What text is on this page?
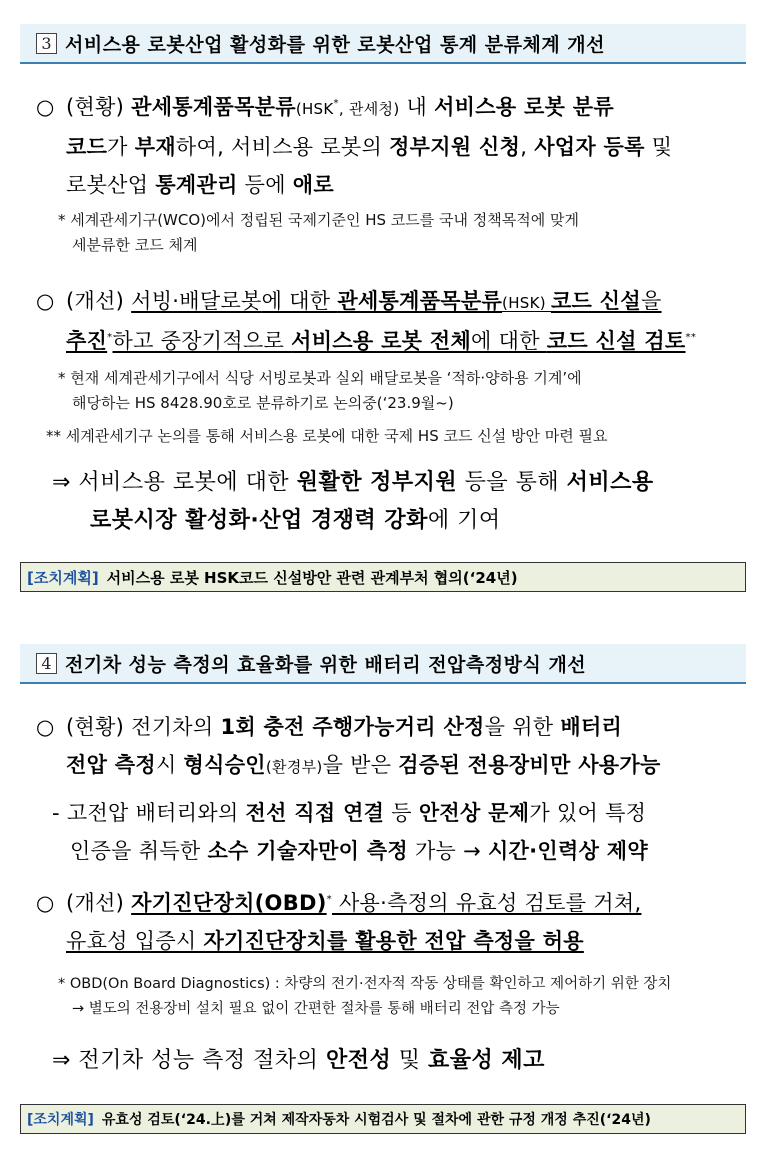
3 서비스용 로봇산업 활성화를 위한 로봇산업 통계 분류체계 개선
○ (현황) 관세통계품목분류(HSK*, 관세청) 내 서비스용 로봇 분류
코드가 부재하여, 서비스용 로봇의 정부지원 신청, 사업자 등록 및
로봇산업 통계관리 등에 애로
* 세계관세기구(WCO)에서 정립된 국제기준인 HS 코드를 국내 정책목적에 맞게
세분류한 코드 체계
○ (개선) 서빙·배달로봇에 대한 관세통계품목분류(HSK) 코드 신설을
추진*하고 중장기적으로 서비스용 로봇 전체에 대한 코드 신설 검토**
* 현재 세계관세기구에서 식당 서빙로봇과 실외 배달로봇을 ‘적하·양하용 기계’에
해당하는 HS 8428.90호로 분류하기로 논의중(‘23.9월~)
** 세계관세기구 논의를 통해 서비스용 로봇에 대한 국제 HS 코드 신설 방안 마련 필요
⇒ 서비스용 로봇에 대한 원활한 정부지원 등을 통해 서비스용
로봇시장 활성화·산업 경쟁력 강화에 기여
[조치계획] 서비스용 로봇 HSK코드 신설방안 관련 관계부처 협의(‘24년)
4 전기차 성능 측정의 효율화를 위한 배터리 전압측정방식 개선
○ (현황) 전기차의 1회 충전 주행가능거리 산정을 위한 배터리
전압 측정시 형식승인(환경부)을 받은 검증된 전용장비만 사용가능
- 고전압 배터리와의 전선 직접 연결 등 안전상 문제가 있어 특정
인증을 취득한 소수 기술자만이 측정 가능 → 시간·인력상 제약
○ (개선) 자기진단장치(OBD)* 사용·측정의 유효성 검토를 거쳐,
유효성 입증시 자기진단장치를 활용한 전압 측정을 허용
* OBD(On Board Diagnostics) : 차량의 전기·전자적 작동 상태를 확인하고 제어하기 위한 장치
→ 별도의 전용장비 설치 필요 없이 간편한 절차를 통해 배터리 전압 측정 가능
⇒ 전기차 성능 측정 절차의 안전성 및 효율성 제고
[조치계획] 유효성 검토(‘24.上)를 거쳐 제작자동차 시험검사 및 절차에 관한 규정 개정 추진(‘24년)
